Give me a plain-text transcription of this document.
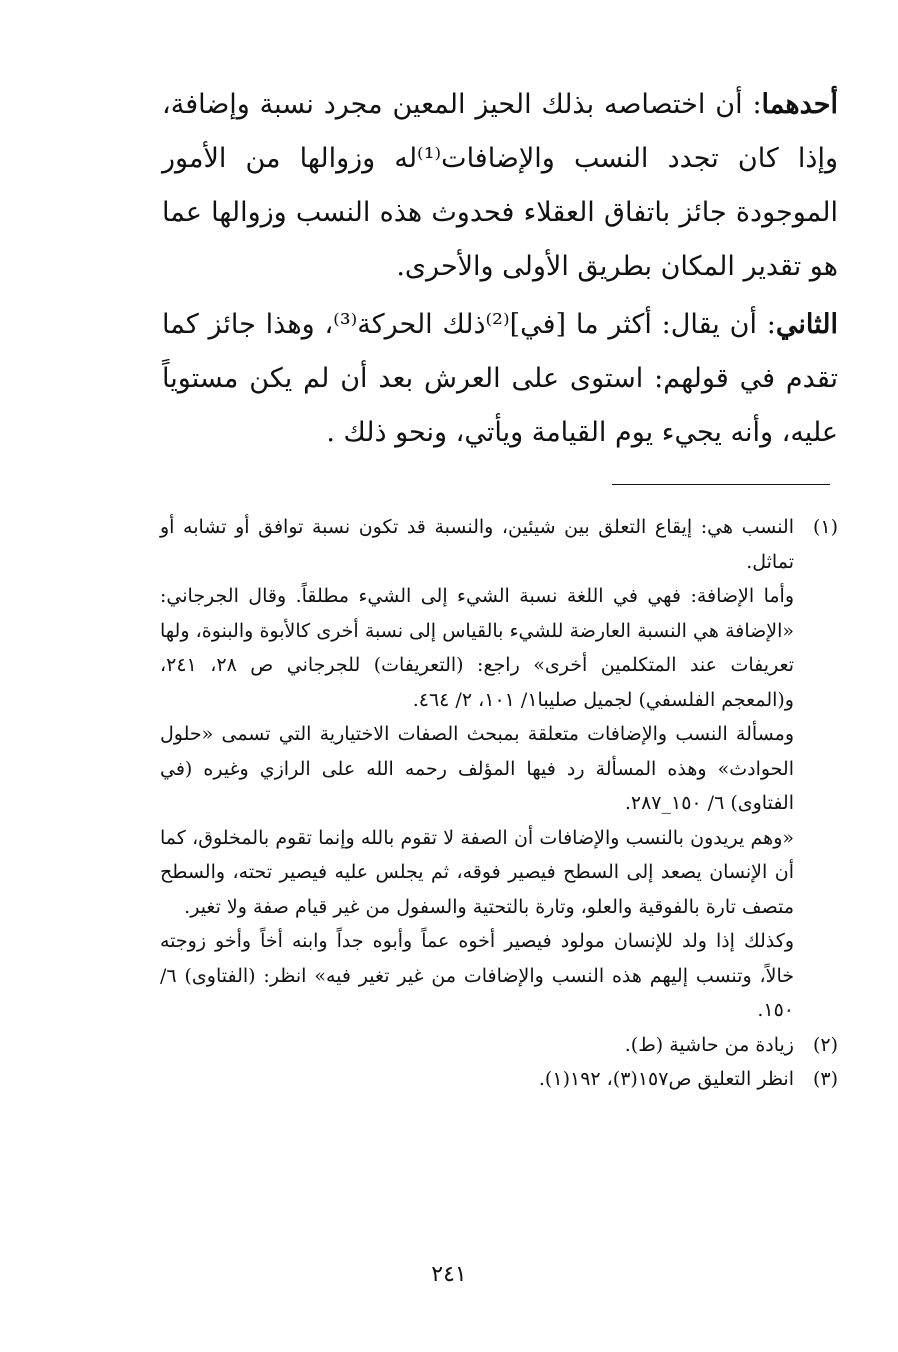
أحدهما: أن اختصاصه بذلك الحيز المعين مجرد نسبة وإضافة، وإذا كان تجدد النسب والإضافات⁽¹⁾له وزوالها من الأمور الموجودة جائز باتفاق العقلاء فحدوث هذه النسب وزوالها عما هو تقدير المكان بطريق الأولى والأحرى.

الثاني: أن يقال: أكثر ما [في]⁽²⁾ذلك الحركة⁽³⁾، وهذا جائز كما تقدم في قولهم: استوى على العرش بعد أن لم يكن مستوياً عليه، وأنه يجيء يوم القيامة ويأتي، ونحو ذلك .

(١)

النسب هي: إيقاع التعلق بين شيئين، والنسبة قد تكون نسبة توافق أو تشابه أو تماثل.

وأما الإضافة: فهي في اللغة نسبة الشيء إلى الشيء مطلقاً. وقال الجرجاني: «الإضافة هي النسبة العارضة للشيء بالقياس إلى نسبة أخرى كالأبوة والبنوة، ولها تعريفات عند المتكلمين أخرى» راجع: (التعريفات) للجرجاني ص ٢٨، ٢٤١، و(المعجم الفلسفي) لجميل صليبا١/ ١٠١، ٢/ ٤٦٤.

ومسألة النسب والإضافات متعلقة بمبحث الصفات الاختيارية التي تسمى «حلول الحوادث» وهذه المسألة رد فيها المؤلف رحمه الله على الرازي وغيره (في الفتاوى) ٦/ ١٥٠_٢٨٧.

«وهم يريدون بالنسب والإضافات أن الصفة لا تقوم بالله وإنما تقوم بالمخلوق، كما أن الإنسان يصعد إلى السطح فيصير فوقه، ثم يجلس عليه فيصير تحته، والسطح متصف تارة بالفوقية والعلو، وتارة بالتحتية والسفول من غير قيام صفة ولا تغير.

وكذلك إذا ولد للإنسان مولود فيصير أخوه عماً وأبوه جداً وابنه أخاً وأخو زوجته خالاً، وتنسب إليهم هذه النسب والإضافات من غير تغير فيه» انظر: (الفتاوى) ٦/ ١٥٠.

(٢)

زيادة من حاشية (ط).

(٣)

انظر التعليق ص١٥٧(٣)، ١٩٢(١).

٢٤١
